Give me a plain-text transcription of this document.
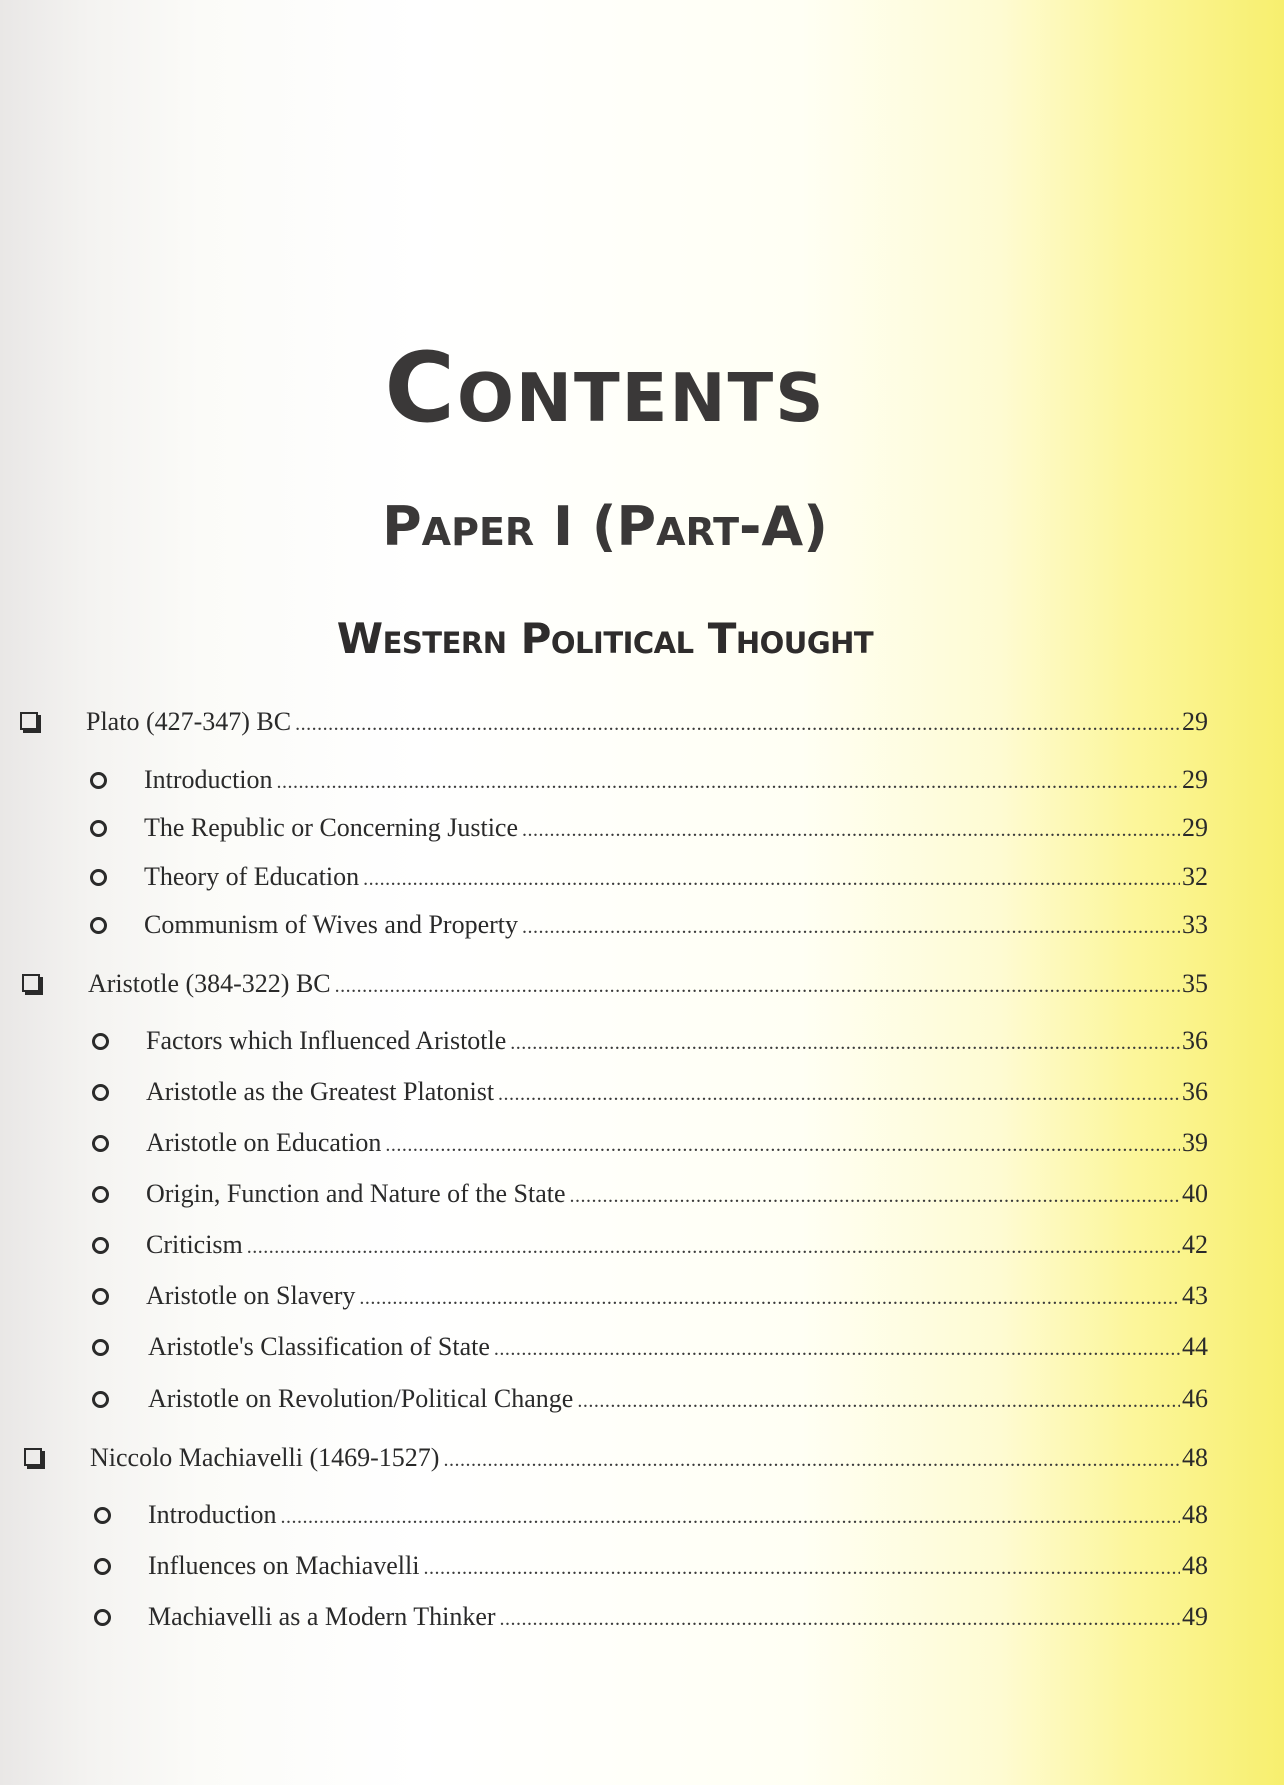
Contents
Paper I (Part-A)
Western Political Thought
Plato (427-347) BC .....	29
Introduction .....	29
The Republic or Concerning Justice .....	29
Theory of Education .....	32
Communism of Wives and Property .....	33
Aristotle (384-322) BC .....	35
Factors which Influenced Aristotle .....	36
Aristotle as the Greatest Platonist .....	36
Aristotle on Education .....	39
Origin, Function and Nature of the State .....	40
Criticism .....	42
Aristotle on Slavery .....	43
Aristotle's Classification of State .....	44
Aristotle on Revolution/Political Change .....	46
Niccolo Machiavelli (1469-1527) .....	48
Introduction .....	48
Influences on Machiavelli .....	48
Machiavelli as a Modern Thinker .....	49
